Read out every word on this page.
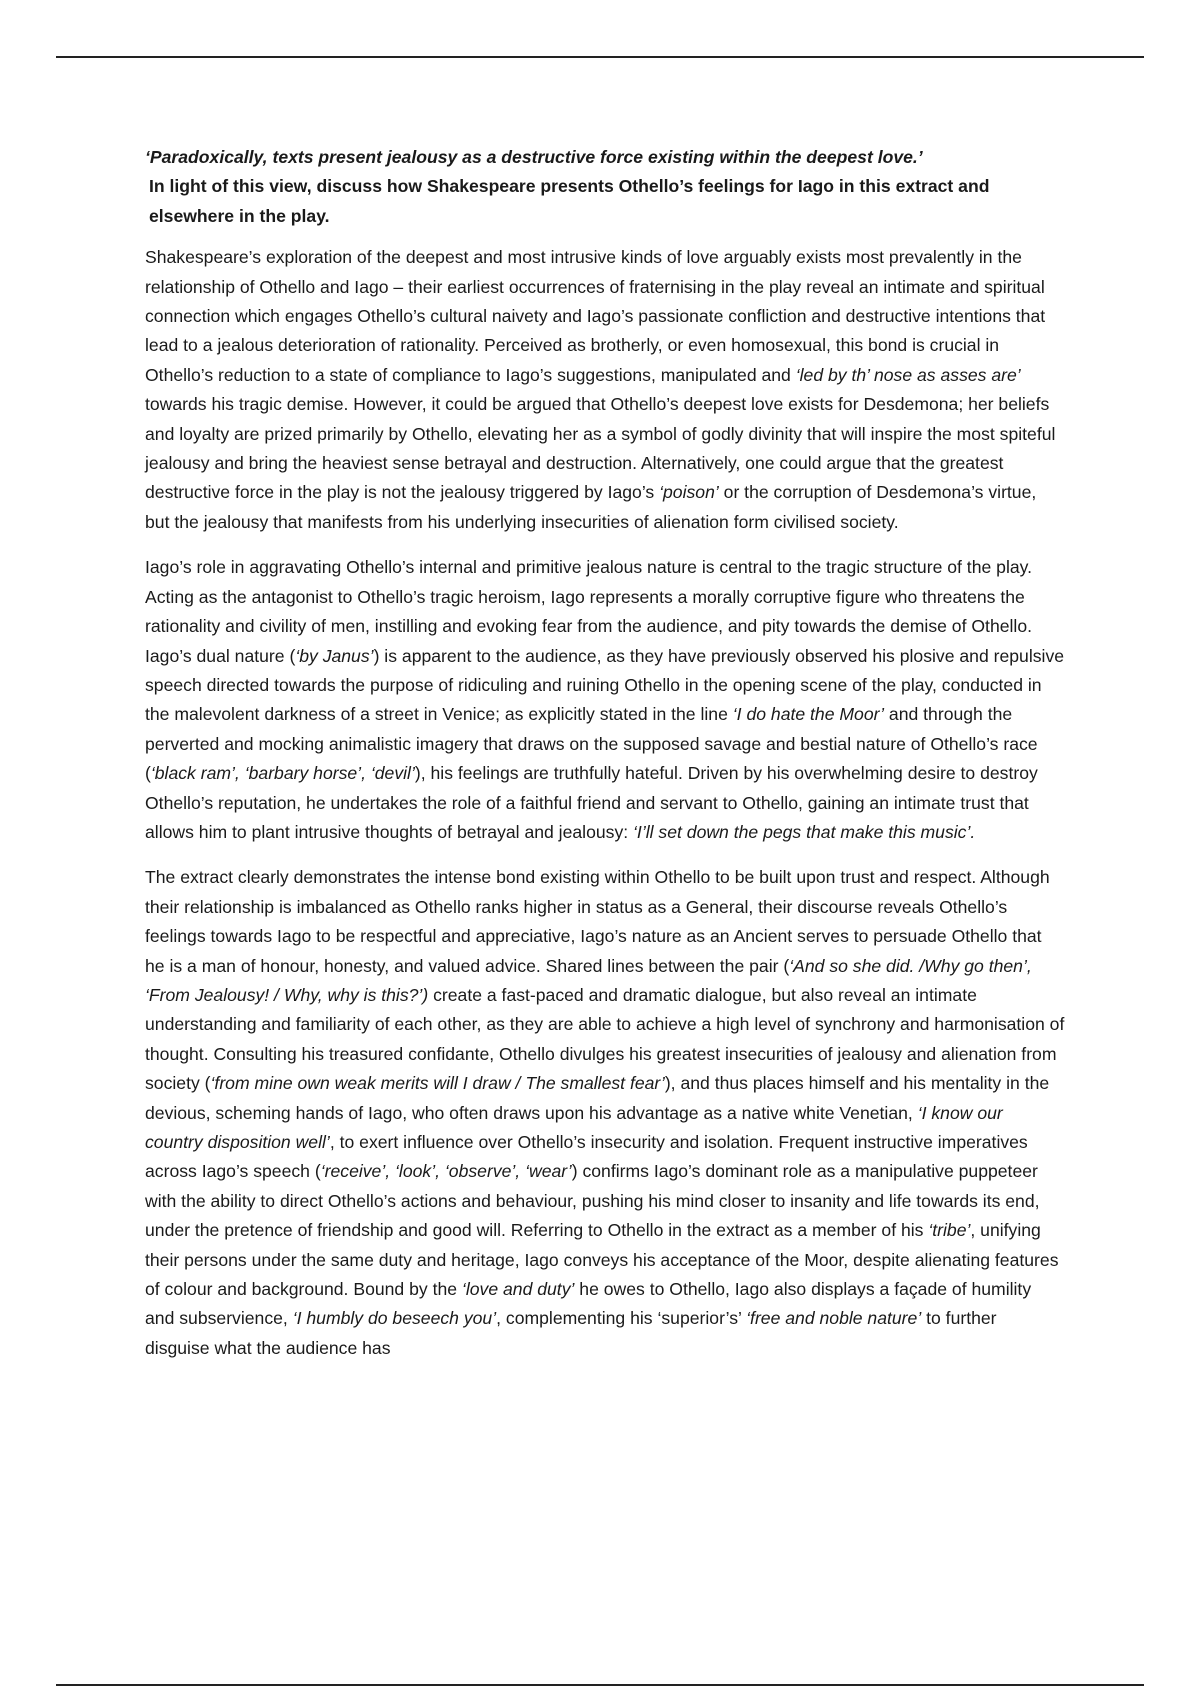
‘Paradoxically, texts present jealousy as a destructive force existing within the deepest love.’

In light of this view, discuss how Shakespeare presents Othello’s feelings for Iago in this extract and elsewhere in the play.

Shakespeare’s exploration of the deepest and most intrusive kinds of love arguably exists most prevalently in the relationship of Othello and Iago – their earliest occurrences of fraternising in the play reveal an intimate and spiritual connection which engages Othello’s cultural naivety and Iago’s passionate confliction and destructive intentions that lead to a jealous deterioration of rationality. Perceived as brotherly, or even homosexual, this bond is crucial in Othello’s reduction to a state of compliance to Iago’s suggestions, manipulated and ‘led by th’ nose as asses are’ towards his tragic demise. However, it could be argued that Othello’s deepest love exists for Desdemona; her beliefs and loyalty are prized primarily by Othello, elevating her as a symbol of godly divinity that will inspire the most spiteful jealousy and bring the heaviest sense betrayal and destruction. Alternatively, one could argue that the greatest destructive force in the play is not the jealousy triggered by Iago’s ‘poison’ or the corruption of Desdemona’s virtue, but the jealousy that manifests from his underlying insecurities of alienation form civilised society.

Iago’s role in aggravating Othello’s internal and primitive jealous nature is central to the tragic structure of the play. Acting as the antagonist to Othello’s tragic heroism, Iago represents a morally corruptive figure who threatens the rationality and civility of men, instilling and evoking fear from the audience, and pity towards the demise of Othello. Iago’s dual nature (‘by Janus’) is apparent to the audience, as they have previously observed his plosive and repulsive speech directed towards the purpose of ridiculing and ruining Othello in the opening scene of the play, conducted in the malevolent darkness of a street in Venice; as explicitly stated in the line ‘I do hate the Moor’ and through the perverted and mocking animalistic imagery that draws on the supposed savage and bestial nature of Othello’s race (‘black ram’, ‘barbary horse’, ‘devil’), his feelings are truthfully hateful. Driven by his overwhelming desire to destroy Othello’s reputation, he undertakes the role of a faithful friend and servant to Othello, gaining an intimate trust that allows him to plant intrusive thoughts of betrayal and jealousy: ‘I’ll set down the pegs that make this music’.

The extract clearly demonstrates the intense bond existing within Othello to be built upon trust and respect. Although their relationship is imbalanced as Othello ranks higher in status as a General, their discourse reveals Othello’s feelings towards Iago to be respectful and appreciative, Iago’s nature as an Ancient serves to persuade Othello that he is a man of honour, honesty, and valued advice. Shared lines between the pair (‘And so she did. /Why go then’, ‘From Jealousy! / Why, why is this?’) create a fast-paced and dramatic dialogue, but also reveal an intimate understanding and familiarity of each other, as they are able to achieve a high level of synchrony and harmonisation of thought. Consulting his treasured confidante, Othello divulges his greatest insecurities of jealousy and alienation from society (‘from mine own weak merits will I draw / The smallest fear’), and thus places himself and his mentality in the devious, scheming hands of Iago, who often draws upon his advantage as a native white Venetian, ‘I know our country disposition well’, to exert influence over Othello’s insecurity and isolation. Frequent instructive imperatives across Iago’s speech (‘receive’, ‘look’, ‘observe’, ‘wear’) confirms Iago’s dominant role as a manipulative puppeteer with the ability to direct Othello’s actions and behaviour, pushing his mind closer to insanity and life towards its end, under the pretence of friendship and good will. Referring to Othello in the extract as a member of his ‘tribe’, unifying their persons under the same duty and heritage, Iago conveys his acceptance of the Moor, despite alienating features of colour and background. Bound by the ‘love and duty’ he owes to Othello, Iago also displays a façade of humility and subservience, ‘I humbly do beseech you’, complementing his ‘superior’s’ ‘free and noble nature’ to further disguise what the audience has
